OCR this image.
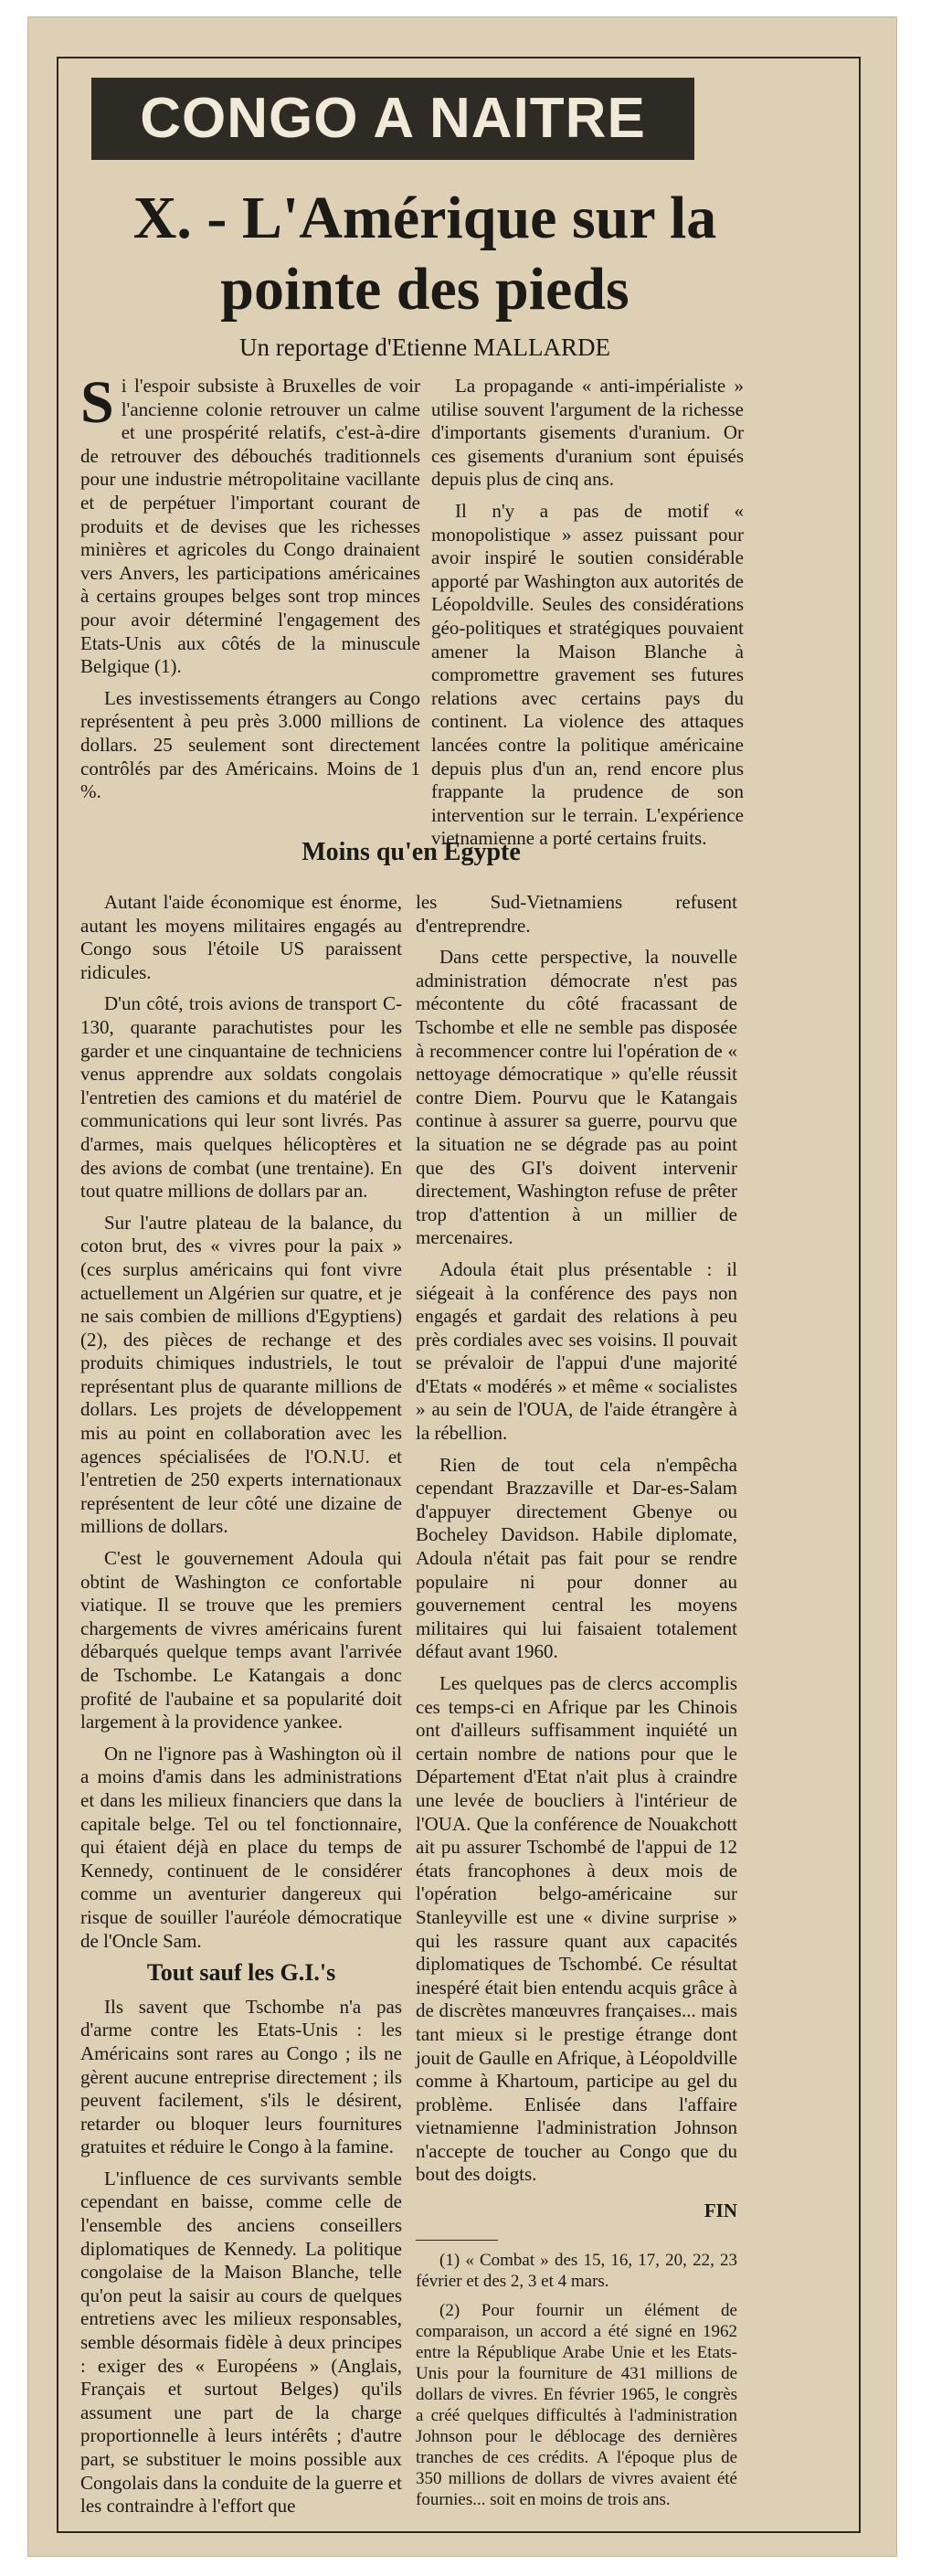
CONGO A NAITRE
X. - L'Amérique sur la pointe des pieds
Un reportage d'Etienne MALLARDE

Si l'espoir subsiste à Bruxelles de voir l'ancienne colonie retrouver un calme et une prospérité relatifs, c'est-à-dire de retrouver des débouchés traditionnels pour une industrie métropolitaine vacillante et de perpétuer l'important courant de produits et de devises que les richesses minières et agricoles du Congo drainaient vers Anvers, les participations américaines à certains groupes belges sont trop minces pour avoir déterminé l'engagement des Etats-Unis aux côtés de la minuscule Belgique (1).

Les investissements étrangers au Congo représentent à peu près 3.000 millions de dollars. 25 seulement sont directement contrôlés par des Américains. Moins de 1 %.

La propagande « anti-impérialiste » utilise souvent l'argument de la richesse d'importants gisements d'uranium. Or ces gisements d'uranium sont épuisés depuis plus de cinq ans.

Il n'y a pas de motif « monopolistique » assez puissant pour avoir inspiré le soutien considérable apporté par Washington aux autorités de Léopoldville. Seules des considérations géo-politiques et stratégiques pouvaient amener la Maison Blanche à compromettre gravement ses futures relations avec certains pays du continent. La violence des attaques lancées contre la politique américaine depuis plus d'un an, rend encore plus frappante la prudence de son intervention sur le terrain. L'expérience vietnamienne a porté certains fruits.

Moins qu'en Egypte

Autant l'aide économique est énorme, autant les moyens militaires engagés au Congo sous l'étoile US paraissent ridicules.

D'un côté, trois avions de transport C-130, quarante parachutistes pour les garder et une cinquantaine de techniciens venus apprendre aux soldats congolais l'entretien des camions et du matériel de communications qui leur sont livrés. Pas d'armes, mais quelques hélicoptères et des avions de combat (une trentaine). En tout quatre millions de dollars par an.

Sur l'autre plateau de la balance, du coton brut, des « vivres pour la paix » (ces surplus américains qui font vivre actuellement un Algérien sur quatre, et je ne sais combien de millions d'Egyptiens) (2), des pièces de rechange et des produits chimiques industriels, le tout représentant plus de quarante millions de dollars. Les projets de développement mis au point en collaboration avec les agences spécialisées de l'O.N.U. et l'entretien de 250 experts internationaux représentent de leur côté une dizaine de millions de dollars.

C'est le gouvernement Adoula qui obtint de Washington ce confortable viatique. Il se trouve que les premiers chargements de vivres américains furent débarqués quelque temps avant l'arrivée de Tschombe. Le Katangais a donc profité de l'aubaine et sa popularité doit largement à la providence yankee.

On ne l'ignore pas à Washington où il a moins d'amis dans les administrations et dans les milieux financiers que dans la capitale belge. Tel ou tel fonctionnaire, qui étaient déjà en place du temps de Kennedy, continuent de le considérer comme un aventurier dangereux qui risque de souiller l'auréole démocratique de l'Oncle Sam.

Tout sauf les G.I.'s

Ils savent que Tschombe n'a pas d'arme contre les Etats-Unis : les Américains sont rares au Congo ; ils ne gèrent aucune entreprise directement ; ils peuvent facilement, s'ils le désirent, retarder ou bloquer leurs fournitures gratuites et réduire le Congo à la famine.

L'influence de ces survivants semble cependant en baisse, comme celle de l'ensemble des anciens conseillers diplomatiques de Kennedy. La politique congolaise de la Maison Blanche, telle qu'on peut la saisir au cours de quelques entretiens avec les milieux responsables, semble désormais fidèle à deux principes : exiger des « Européens » (Anglais, Français et surtout Belges) qu'ils assument une part de la charge proportionnelle à leurs intérêts ; d'autre part, se substituer le moins possible aux Congolais dans la conduite de la guerre et les contraindre à l'effort que

les Sud-Vietnamiens refusent d'entreprendre.

Dans cette perspective, la nouvelle administration démocrate n'est pas mécontente du côté fracassant de Tschombe et elle ne semble pas disposée à recommencer contre lui l'opération de « nettoyage démocratique » qu'elle réussit contre Diem. Pourvu que le Katangais continue à assurer sa guerre, pourvu que la situation ne se dégrade pas au point que des GI's doivent intervenir directement, Washington refuse de prêter trop d'attention à un millier de mercenaires.

Adoula était plus présentable : il siégeait à la conférence des pays non engagés et gardait des relations à peu près cordiales avec ses voisins. Il pouvait se prévaloir de l'appui d'une majorité d'Etats « modérés » et même « socialistes » au sein de l'OUA, de l'aide étrangère à la rébellion.

Rien de tout cela n'empêcha cependant Brazzaville et Dar-es-Salam d'appuyer directement Gbenye ou Bocheley Davidson. Habile diplomate, Adoula n'était pas fait pour se rendre populaire ni pour donner au gouvernement central les moyens militaires qui lui faisaient totalement défaut avant 1960.

Les quelques pas de clercs accomplis ces temps-ci en Afrique par les Chinois ont d'ailleurs suffisamment inquiété un certain nombre de nations pour que le Département d'Etat n'ait plus à craindre une levée de boucliers à l'intérieur de l'OUA. Que la conférence de Nouakchott ait pu assurer Tschombé de l'appui de 12 états francophones à deux mois de l'opération belgo-américaine sur Stanleyville est une « divine surprise » qui les rassure quant aux capacités diplomatiques de Tschombé. Ce résultat inespéré était bien entendu acquis grâce à de discrètes manœuvres françaises... mais tant mieux si le prestige étrange dont jouit de Gaulle en Afrique, à Léopoldville comme à Khartoum, participe au gel du problème. Enlisée dans l'affaire vietnamienne l'administration Johnson n'accepte de toucher au Congo que du bout des doigts.

FIN

(1) « Combat » des 15, 16, 17, 20, 22, 23 février et des 2, 3 et 4 mars.

(2) Pour fournir un élément de comparaison, un accord a été signé en 1962 entre la République Arabe Unie et les Etats-Unis pour la fourniture de 431 millions de dollars de vivres. En février 1965, le congrès a créé quelques difficultés à l'administration Johnson pour le déblocage des dernières tranches de ces crédits. A l'époque plus de 350 millions de dollars de vivres avaient été fournies... soit en moins de trois ans.
